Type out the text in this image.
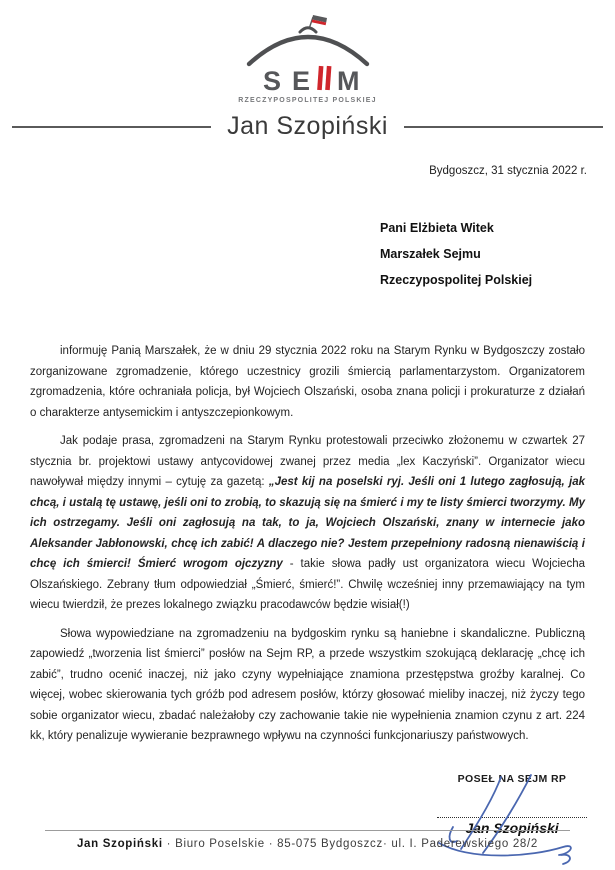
S E M
RZECZYPOSPOLITEJ POLSKIEJ
Jan Szopiński
Bydgoszcz, 31 stycznia 2022 r.
Pani Elżbieta Witek
Marszałek Sejmu
Rzeczypospolitej Polskiej

informuję Panią Marszałek, że w dniu 29 stycznia 2022 roku na Starym Rynku w Bydgoszczy zostało zorganizowane zgromadzenie, którego uczestnicy grozili śmiercią parlamentarzystom. Organizatorem zgromadzenia, które ochraniała policja, był Wojciech Olszański, osoba znana policji i prokuraturze z działań o charakterze antysemickim i antyszczepionkowym.

Jak podaje prasa, zgromadzeni na Starym Rynku protestowali przeciwko złożonemu w czwartek 27 stycznia br. projektowi ustawy antycovidowej zwanej przez media „lex Kaczyński”. Organizator wiecu nawoływał między innymi – cytuję za gazetą: „Jest kij na poselski ryj. Jeśli oni 1 lutego zagłosują, jak chcą, i ustalą tę ustawę, jeśli oni to zrobią, to skazują się na śmierć i my te listy śmierci tworzymy. My ich ostrzegamy. Jeśli oni zagłosują na tak, to ja, Wojciech Olszański, znany w internecie jako Aleksander Jabłonowski, chcę ich zabić! A dlaczego nie? Jestem przepełniony radosną nienawiścią i chcę ich śmierci! Śmierć wrogom ojczyzny - takie słowa padły ust organizatora wiecu Wojciecha Olszańskiego. Zebrany tłum odpowiedział „Śmierć, śmierć!”. Chwilę wcześniej inny przemawiający na tym wiecu twierdził, że prezes lokalnego związku pracodawców będzie wisiał(!)

Słowa wypowiedziane na zgromadzeniu na bydgoskim rynku są haniebne i skandaliczne. Publiczną zapowiedź „tworzenia list śmierci” posłów na Sejm RP, a przede wszystkim szokującą deklarację „chcę ich zabić”, trudno ocenić inaczej, niż jako czyny wypełniające znamiona przestępstwa groźby karalnej. Co więcej, wobec skierowania tych gróźb pod adresem posłów, którzy głosować mieliby inaczej, niż życzy tego sobie organizator wiecu, zbadać należałoby czy zachowanie takie nie wypełnienia znamion czynu z art. 224 kk, który penalizuje wywieranie bezprawnego wpływu na czynności funkcjonariuszy państwowych.

POSEŁ NA SEJM RP
Jan Szopiński
Jan Szopiński · Biuro Poselskie · 85-075 Bydgoszcz· ul. I. Paderewskiego 28/2
